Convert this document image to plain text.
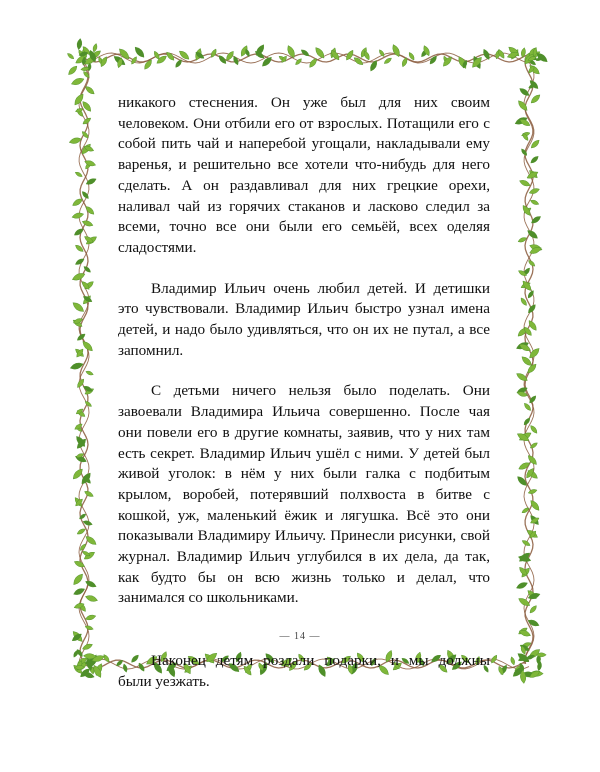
никакого стеснения. Он уже был для них своим человеком. Они отбили его от взрослых. Потащили его с собой пить чай и наперебой угощали, накладывали ему варенья, и решительно все хотели что-нибудь для него сделать. А он раздавливал для них грецкие орехи, наливал чай из горячих стаканов и ласково следил за всеми, точно все они были его семьёй, всех оделяя сладостями.

Владимир Ильич очень любил детей. И детишки это чувствовали. Владимир Ильич быстро узнал имена детей, и надо было удивляться, что он их не путал, а все запомнил.

С детьми ничего нельзя было поделать. Они завоевали Владимира Ильича совершенно. После чая они повели его в другие комнаты, заявив, что у них там есть секрет. Владимир Ильич ушёл с ними. У детей был живой уголок: в нём у них были галка с подбитым крылом, воробей, потерявший полхвоста в битве с кошкой, уж, маленький ёжик и лягушка. Всё это они показывали Владимиру Ильичу. Принесли рисунки, свой журнал. Владимир Ильич углубился в их дела, да так, как будто бы он всю жизнь только и делал, что занимался со школьниками.

Наконец детям роздали подарки, и мы должны были уезжать.

— 14 —
